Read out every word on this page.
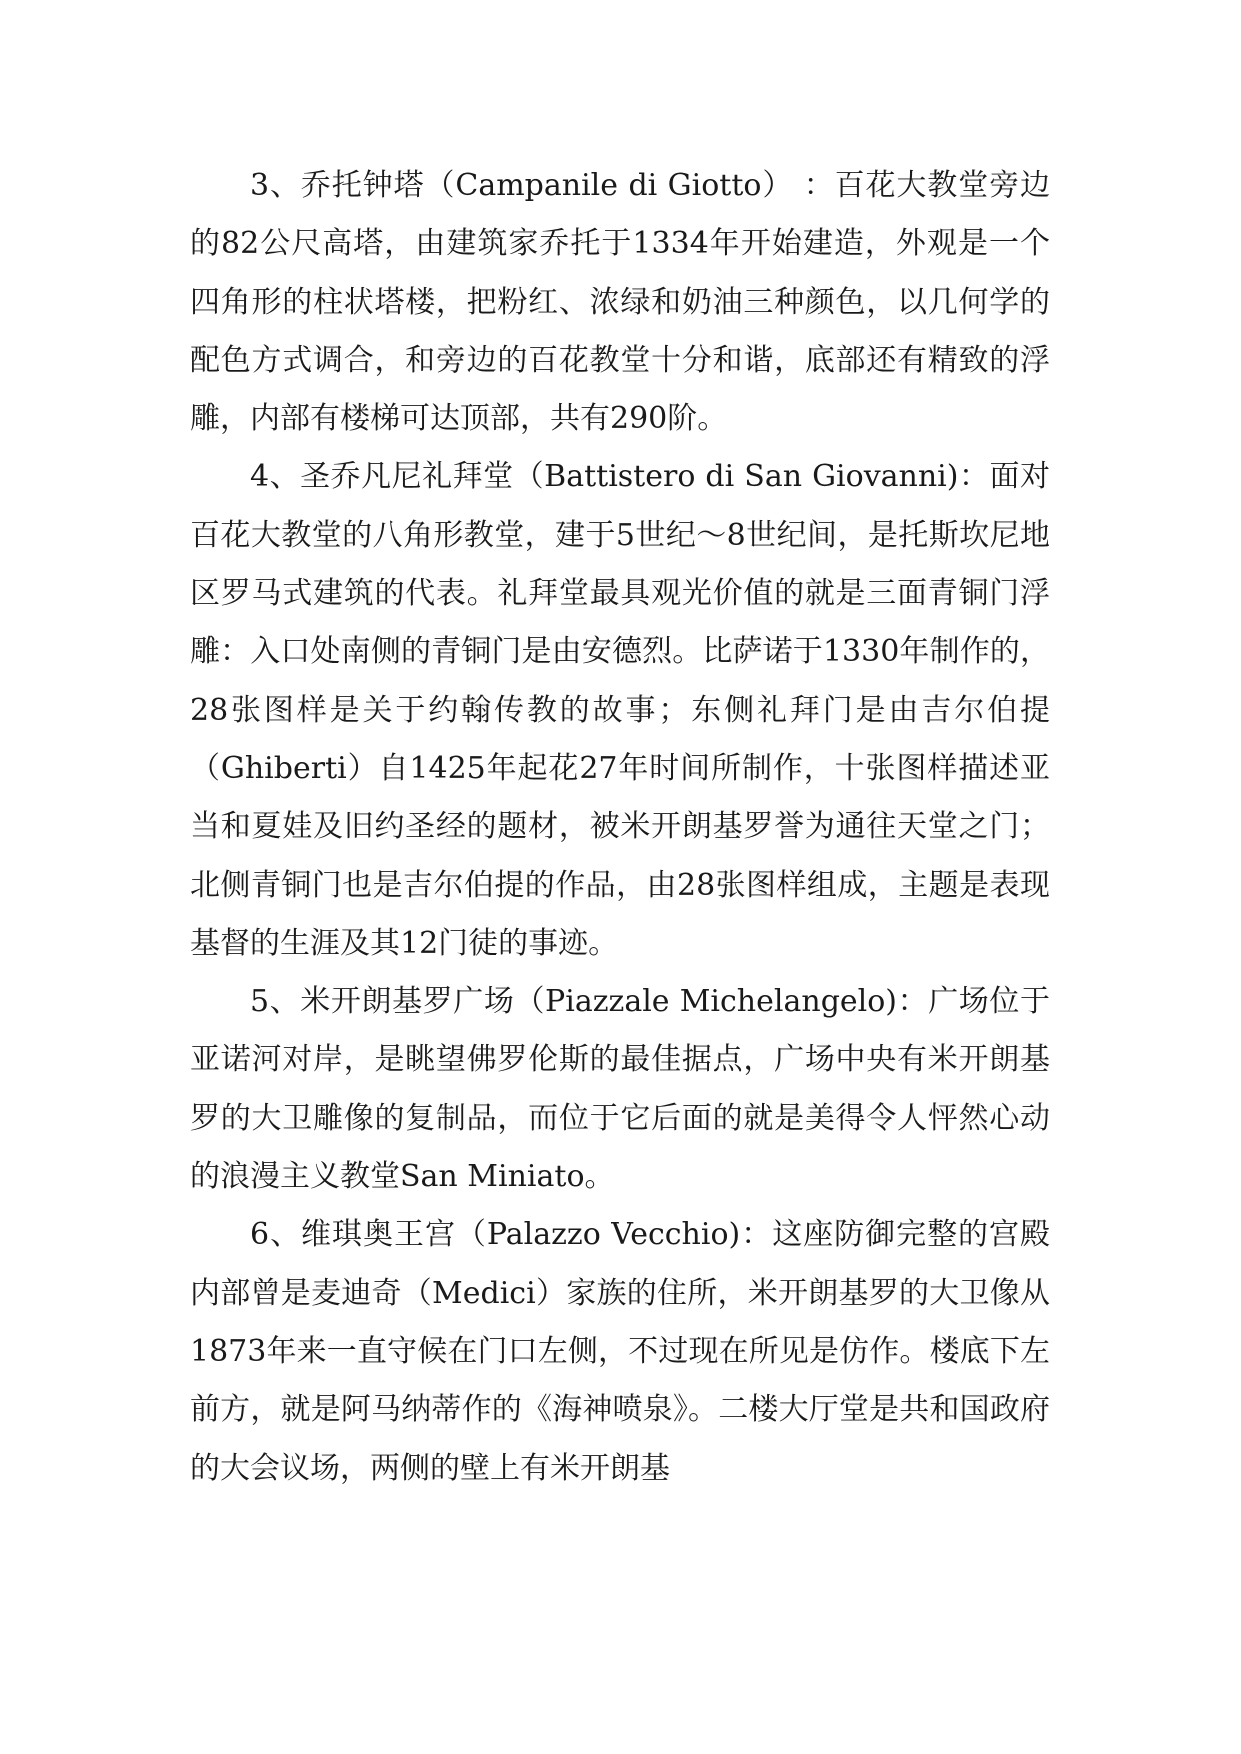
3、乔托钟塔（Campanile di Giotto） ：百花大教堂旁边的82公尺高塔，由建筑家乔托于1334年开始建造，外观是一个四角形的柱状塔楼，把粉红、浓绿和奶油三种颜色，以几何学的配色方式调合，和旁边的百花教堂十分和谐，底部还有精致的浮雕，内部有楼梯可达顶部，共有290阶。

4、圣乔凡尼礼拜堂（Battistero di San Giovanni)：面对百花大教堂的八角形教堂，建于5世纪～8世纪间，是托斯坎尼地区罗马式建筑的代表。礼拜堂最具观光价值的就是三面青铜门浮雕：入口处南侧的青铜门是由安德烈。比萨诺于1330年制作的，28张图样是关于约翰传教的故事；东侧礼拜门是由吉尔伯提（Ghiberti）自1425年起花27年时间所制作，十张图样描述亚当和夏娃及旧约圣经的题材，被米开朗基罗誉为通往天堂之门；北侧青铜门也是吉尔伯提的作品，由28张图样组成，主题是表现基督的生涯及其12门徒的事迹。

5、米开朗基罗广场（Piazzale Michelangelo)：广场位于亚诺河对岸，是眺望佛罗伦斯的最佳据点，广场中央有米开朗基罗的大卫雕像的复制品，而位于它后面的就是美得令人怦然心动的浪漫主义教堂San Miniato。

6、维琪奥王宫（Palazzo Vecchio)：这座防御完整的宫殿内部曾是麦迪奇（Medici）家族的住所，米开朗基罗的大卫像从1873年来一直守候在门口左侧，不过现在所见是仿作。楼底下左前方，就是阿马纳蒂作的《海神喷泉》。二楼大厅堂是共和国政府的大会议场，两侧的壁上有米开朗基
